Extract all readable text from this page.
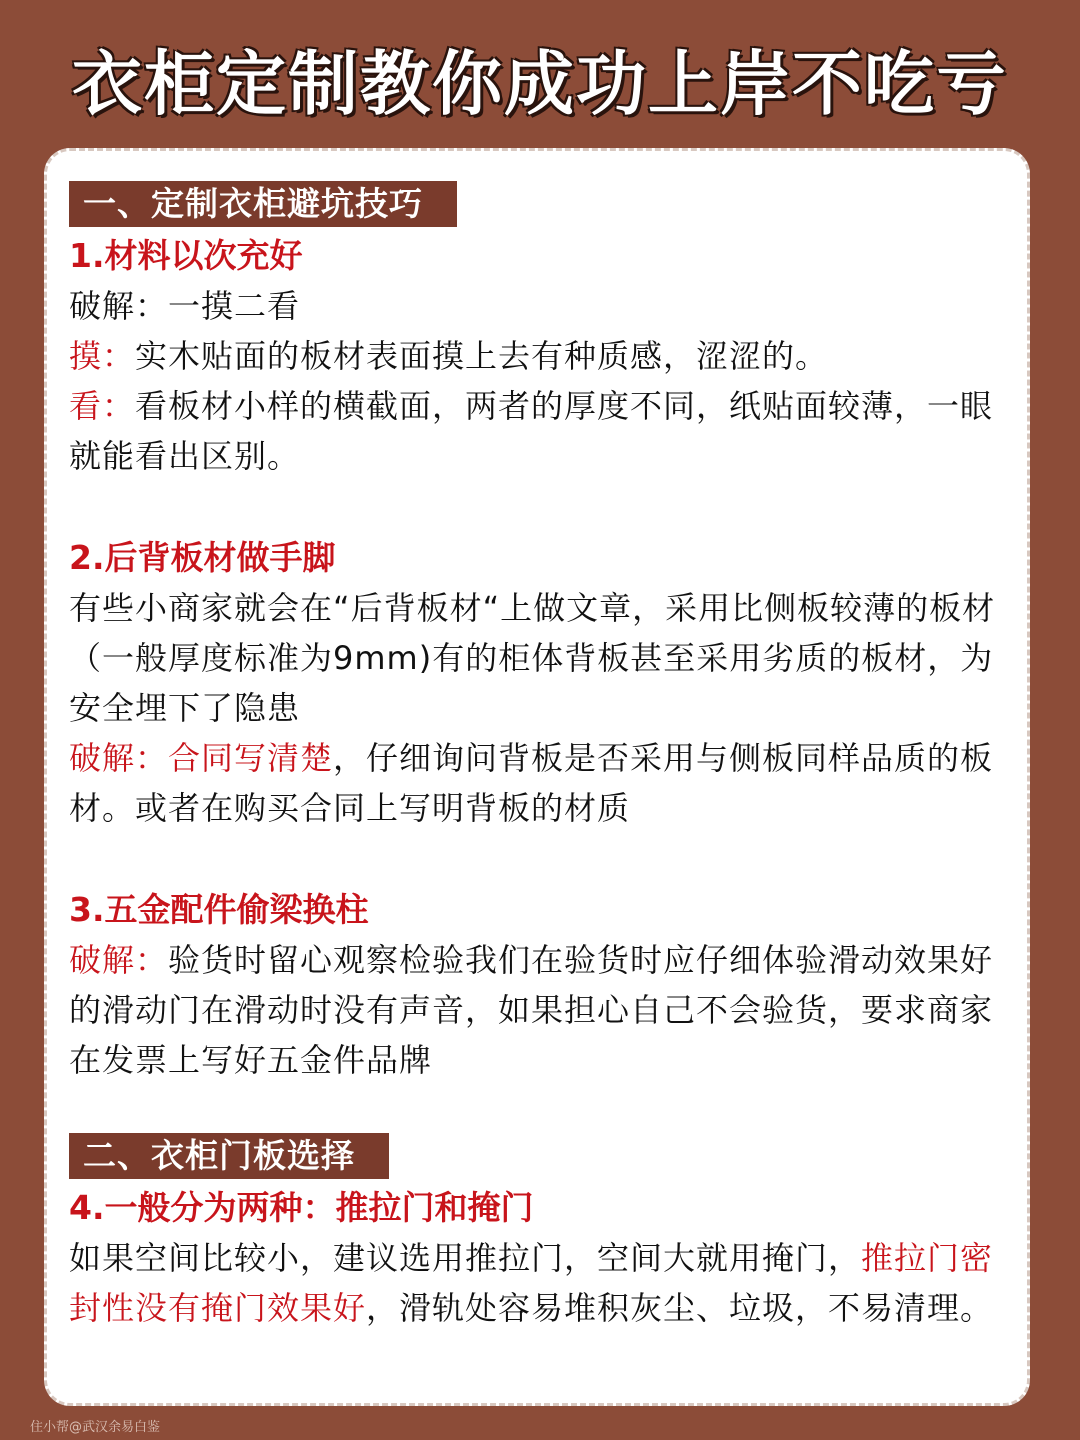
衣柜定制教你成功上岸不吃亏
一、定制衣柜避坑技巧
1.材料以次充好
破解：一摸二看
摸：实木贴面的板材表面摸上去有种质感，涩涩的。
看：看板材小样的横截面，两者的厚度不同，纸贴面较薄，一眼就能看出区别。
2.后背板材做手脚
有些小商家就会在“后背板材“上做文章，采用比侧板较薄的板材（一般厚度标准为9mm)有的柜体背板甚至采用劣质的板材，为安全埋下了隐患
破解：合同写清楚，仔细询问背板是否采用与侧板同样品质的板材。或者在购买合同上写明背板的材质
3.五金配件偷梁换柱
破解：验货时留心观察检验我们在验货时应仔细体验滑动效果好的滑动门在滑动时没有声音，如果担心自己不会验货，要求商家在发票上写好五金件品牌
二、衣柜门板选择
4.一般分为两种：推拉门和掩门
如果空间比较小，建议选用推拉门，空间大就用掩门，推拉门密封性没有掩门效果好，滑轨处容易堆积灰尘、垃圾，不易清理。
住小帮@武汉余易白鉴
